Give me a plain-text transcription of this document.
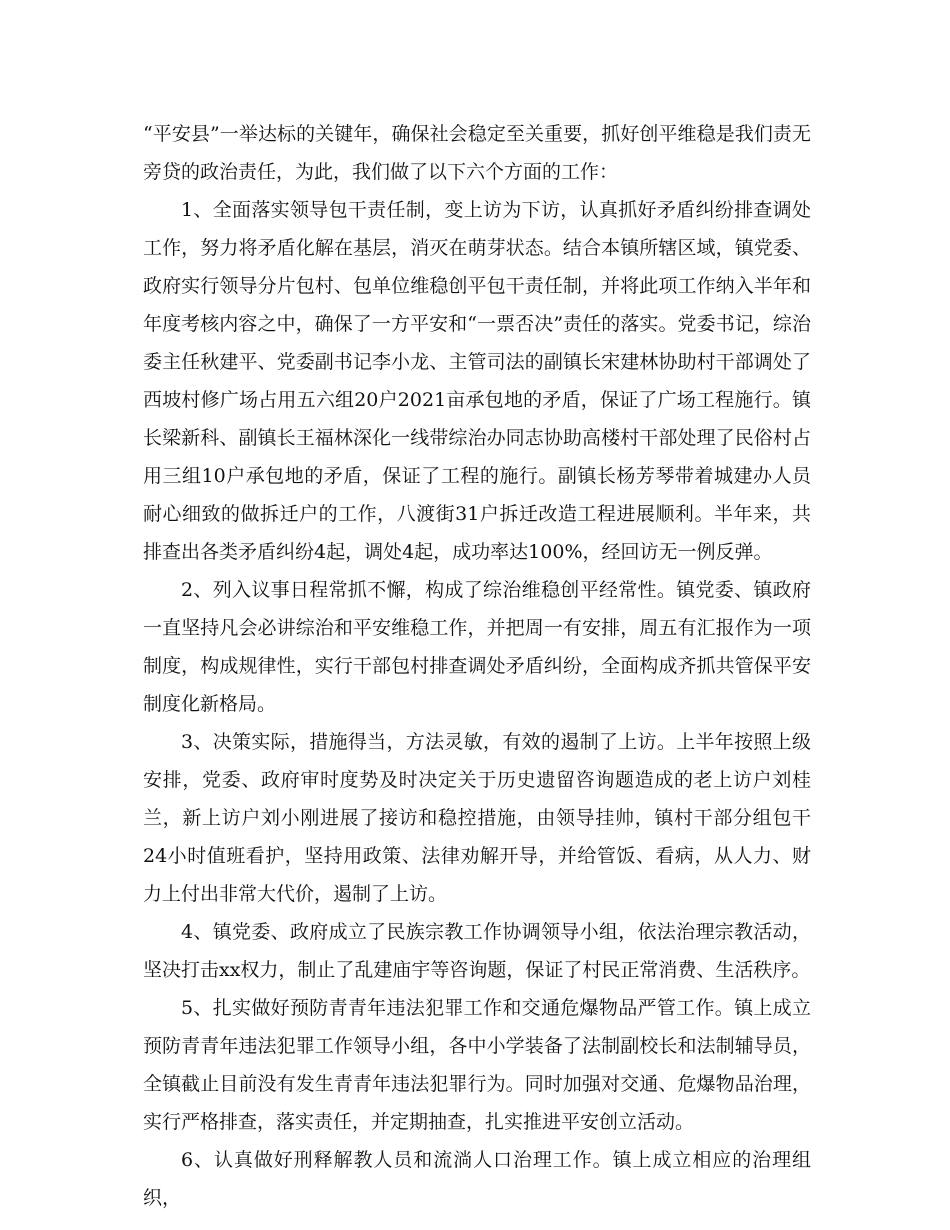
“平安县”一举达标的关键年，确保社会稳定至关重要，抓好创平维稳是我们责无旁贷的政治责任，为此，我们做了以下六个方面的工作：

1、全面落实领导包干责任制，变上访为下访，认真抓好矛盾纠纷排查调处工作，努力将矛盾化解在基层，消灭在萌芽状态。结合本镇所辖区域，镇党委、政府实行领导分片包村、包单位维稳创平包干责任制，并将此项工作纳入半年和年度考核内容之中，确保了一方平安和“一票否决”责任的落实。党委书记，综治委主任秋建平、党委副书记李小龙、主管司法的副镇长宋建林协助村干部调处了西坡村修广场占用五六组20户2021亩承包地的矛盾，保证了广场工程施行。镇长梁新科、副镇长王福林深化一线带综治办同志协助高楼村干部处理了民俗村占用三组10户承包地的矛盾，保证了工程的施行。副镇长杨芳琴带着城建办人员耐心细致的做拆迁户的工作，八渡街31户拆迁改造工程进展顺利。半年来，共排查出各类矛盾纠纷4起，调处4起，成功率达100%，经回访无一例反弹。

2、列入议事日程常抓不懈，构成了综治维稳创平经常性。镇党委、镇政府一直坚持凡会必讲综治和平安维稳工作，并把周一有安排，周五有汇报作为一项制度，构成规律性，实行干部包村排查调处矛盾纠纷，全面构成齐抓共管保平安制度化新格局。

3、决策实际，措施得当，方法灵敏，有效的遏制了上访。上半年按照上级安排，党委、政府审时度势及时决定关于历史遗留咨询题造成的老上访户刘桂兰，新上访户刘小刚进展了接访和稳控措施，由领导挂帅，镇村干部分组包干24小时值班看护，坚持用政策、法律劝解开导，并给管饭、看病，从人力、财力上付出非常大代价，遏制了上访。

4、镇党委、政府成立了民族宗教工作协调领导小组，依法治理宗教活动，坚决打击xx权力，制止了乱建庙宇等咨询题，保证了村民正常消费、生活秩序。

5、扎实做好预防青青年违法犯罪工作和交通危爆物品严管工作。镇上成立预防青青年违法犯罪工作领导小组，各中小学装备了法制副校长和法制辅导员，全镇截止目前没有发生青青年违法犯罪行为。同时加强对交通、危爆物品治理，实行严格排查，落实责任，并定期抽查，扎实推进平安创立活动。

6、认真做好刑释解教人员和流淌人口治理工作。镇上成立相应的治理组织，
